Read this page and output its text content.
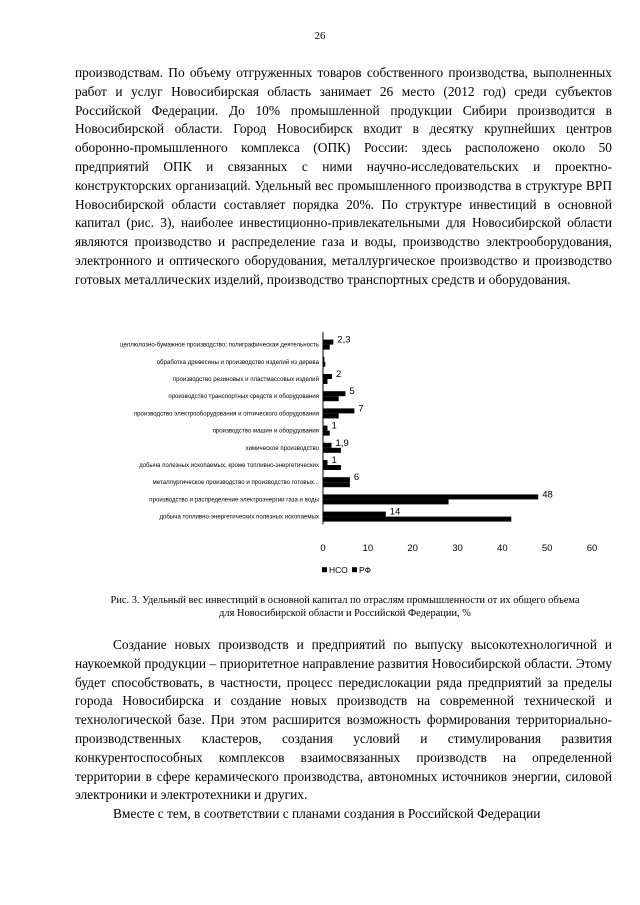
26

производствам. По объему отгруженных товаров собственного производства, выполненных работ и услуг Новосибирская область занимает 26 место (2012 год) среди субъектов Российской Федерации. До 10% промышленной продукции Сибири производится в Новосибирской области. Город Новосибирск входит в десятку крупнейших центров оборонно-промышленного комплекса (ОПК) России: здесь расположено около 50 предприятий ОПК и связанных с ними научно-исследовательских и проектно-конструкторских организаций. Удельный вес промышленного производства в структуре ВРП Новосибирской области составляет порядка 20%. По структуре инвестиций в основной капитал (рис. 3), наиболее инвестиционно-привлекательными для Новосибирской области являются производство и распределение газа и воды, производство электрооборудования, электронного и оптического оборудования, металлургическое производство и производство готовых металлических изделий, производство транспортных средств и оборудования.

целлюлозно-бумажное производство; полиграфическая деятельность 2,3
обработка древесины и производство изделий из дерева
производство резиновых и пластмассовых изделий 2
производство транспортных средств и оборудования	5
производство электрооборудования и оптического оборудования	7
производство машин и оборудования 1
химическое производство 1,9
добыча полезных ископаемых, кроме топливно-энергетических 1
металлургическое производство и производство готовых...	6
производство и распределение электроэнергии газа и воды	48
добыча топливно-энергетических полезных ископаемых	14
0	10	20	30	40	50	60
НСО РФ
Рис. 3. Удельный вес инвестиций в основной капитал по отраслям промышленности от их общего объема
для Новосибирской области и Российской Федерации, %

Создание новых производств и предприятий по выпуску высокотехнологичной и наукоемкой продукции – приоритетное направление развития Новосибирской области. Этому будет способствовать, в частности, процесс передислокации ряда предприятий за пределы города Новосибирска и создание новых производств на современной технической и технологической базе. При этом расширится возможность формирования территориально-производственных кластеров, создания условий и стимулирования развития конкурентоспособных комплексов взаимосвязанных производств на определенной территории в сфере керамического производства, автономных источников энергии, силовой электроники и электротехники и других.

Вместе с тем, в соответствии с планами создания в Российской Федерации
